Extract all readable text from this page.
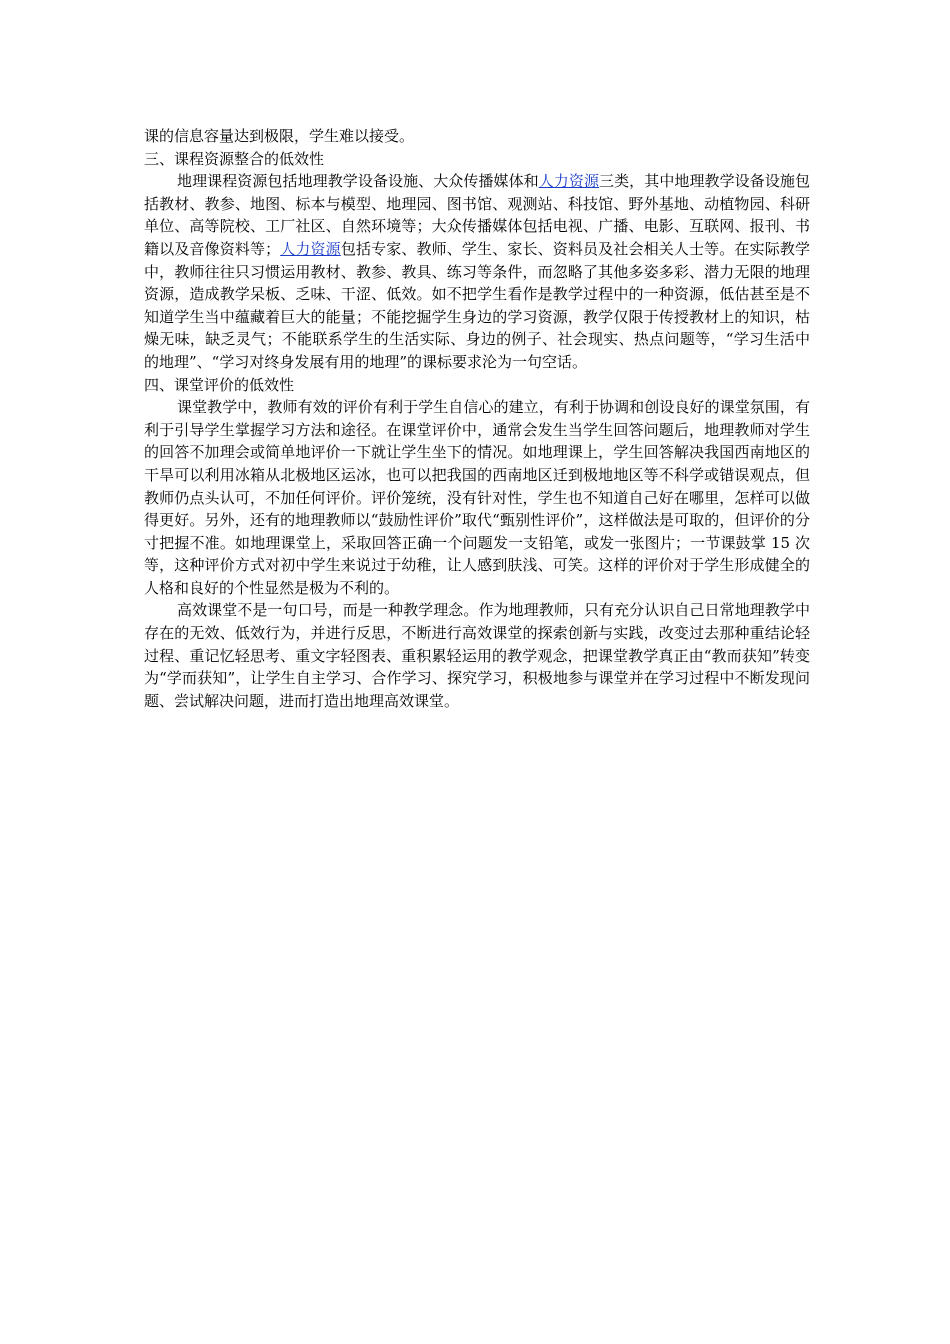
课的信息容量达到极限，学生难以接受。

三、课程资源整合的低效性

地理课程资源包括地理教学设备设施、大众传播媒体和人力资源三类，其中地理教学设备设施包括教材、教参、地图、标本与模型、地理园、图书馆、观测站、科技馆、野外基地、动植物园、科研单位、高等院校、工厂社区、自然环境等；大众传播媒体包括电视、广播、电影、互联网、报刊、书籍以及音像资料等；人力资源包括专家、教师、学生、家长、资料员及社会相关人士等。在实际教学中，教师往往只习惯运用教材、教参、教具、练习等条件，而忽略了其他多姿多彩、潜力无限的地理资源，造成教学呆板、乏味、干涩、低效。如不把学生看作是教学过程中的一种资源，低估甚至是不知道学生当中蕴藏着巨大的能量；不能挖掘学生身边的学习资源，教学仅限于传授教材上的知识，枯燥无味，缺乏灵气；不能联系学生的生活实际、身边的例子、社会现实、热点问题等，“学习生活中的地理”、“学习对终身发展有用的地理”的课标要求沦为一句空话。

四、课堂评价的低效性

课堂教学中，教师有效的评价有利于学生自信心的建立，有利于协调和创设良好的课堂氛围，有利于引导学生掌握学习方法和途径。在课堂评价中，通常会发生当学生回答问题后，地理教师对学生的回答不加理会或简单地评价一下就让学生坐下的情况。如地理课上，学生回答解决我国西南地区的干旱可以利用冰箱从北极地区运冰，也可以把我国的西南地区迁到极地地区等不科学或错误观点，但教师仍点头认可，不加任何评价。评价笼统，没有针对性，学生也不知道自己好在哪里，怎样可以做得更好。另外，还有的地理教师以“鼓励性评价”取代“甄别性评价”，这样做法是可取的，但评价的分寸把握不准。如地理课堂上，采取回答正确一个问题发一支铅笔，或发一张图片；一节课鼓掌 15 次等，这种评价方式对初中学生来说过于幼稚，让人感到肤浅、可笑。这样的评价对于学生形成健全的人格和良好的个性显然是极为不利的。

高效课堂不是一句口号，而是一种教学理念。作为地理教师，只有充分认识自己日常地理教学中存在的无效、低效行为，并进行反思，不断进行高效课堂的探索创新与实践，改变过去那种重结论轻过程、重记忆轻思考、重文字轻图表、重积累轻运用的教学观念，把课堂教学真正由“教而获知”转变为“学而获知”，让学生自主学习、合作学习、探究学习，积极地参与课堂并在学习过程中不断发现问题、尝试解决问题，进而打造出地理高效课堂。
